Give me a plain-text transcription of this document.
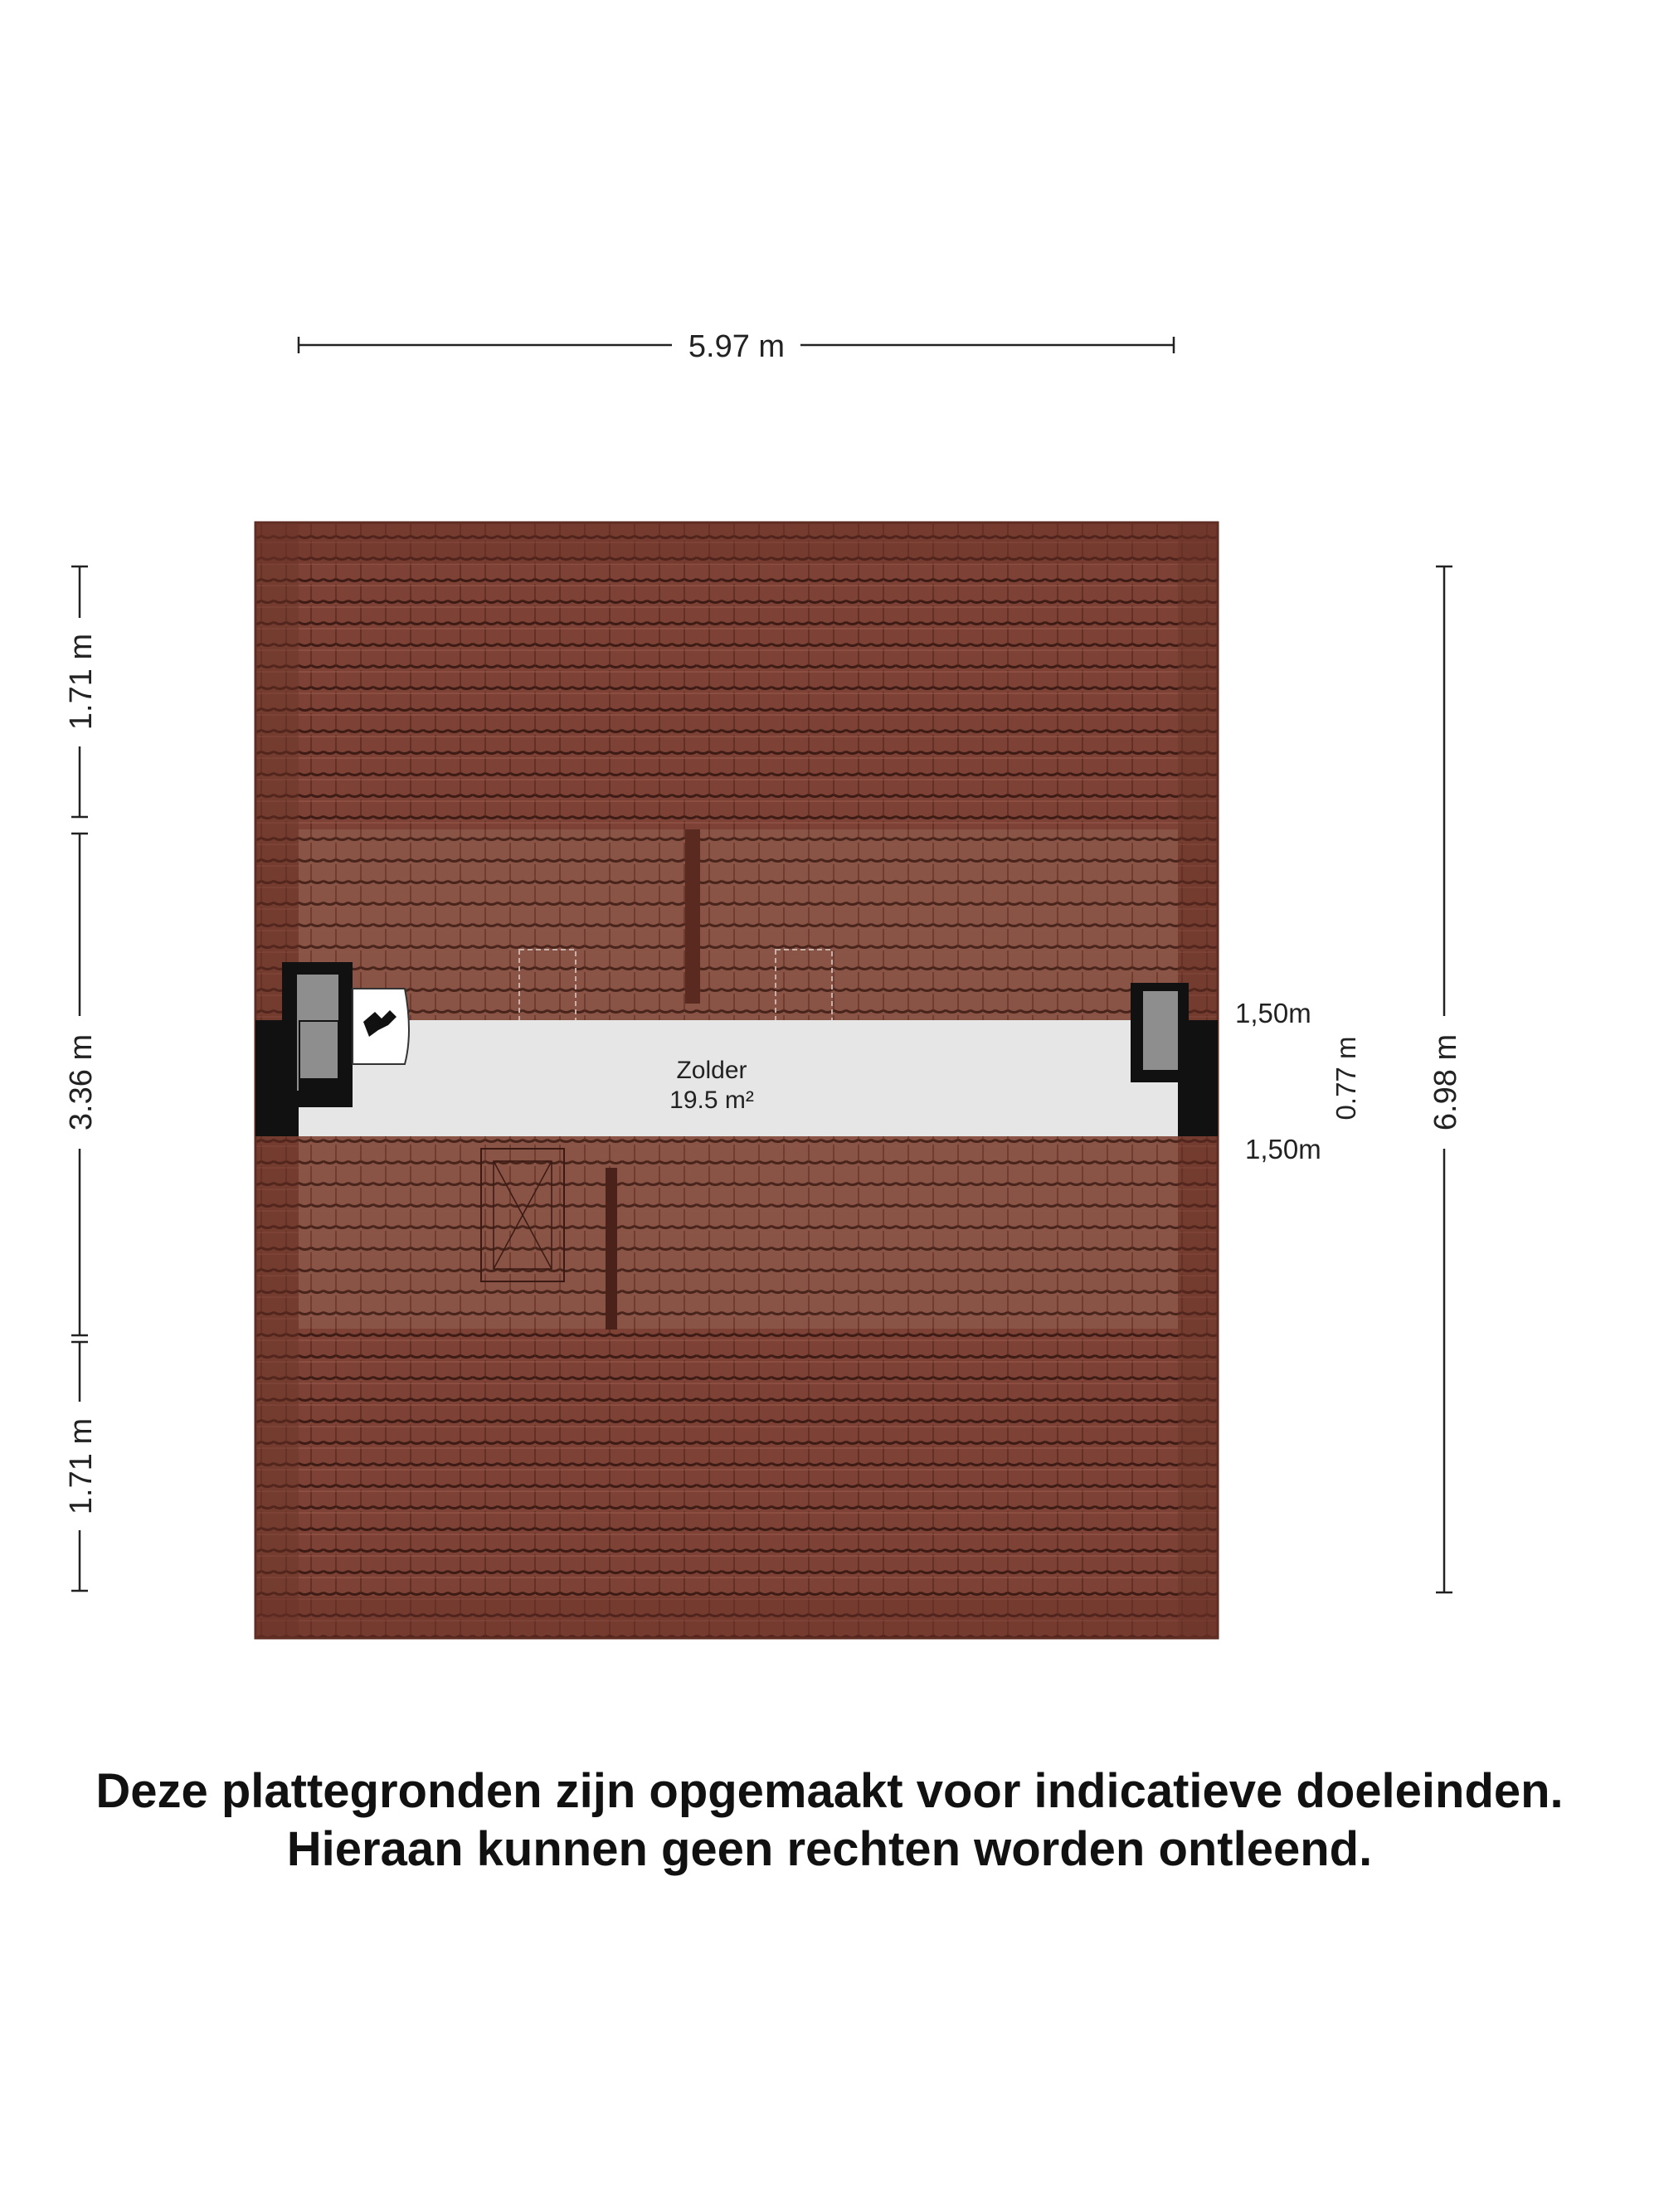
5.97 m
1.71 m
3.36 m
1.71 m
6.98 m
Zolder
19.5 m²
1,50m
1,50m
0.77 m
Deze plattegronden zijn opgemaakt voor indicatieve doeleinden.
Hieraan kunnen geen rechten worden ontleend.
